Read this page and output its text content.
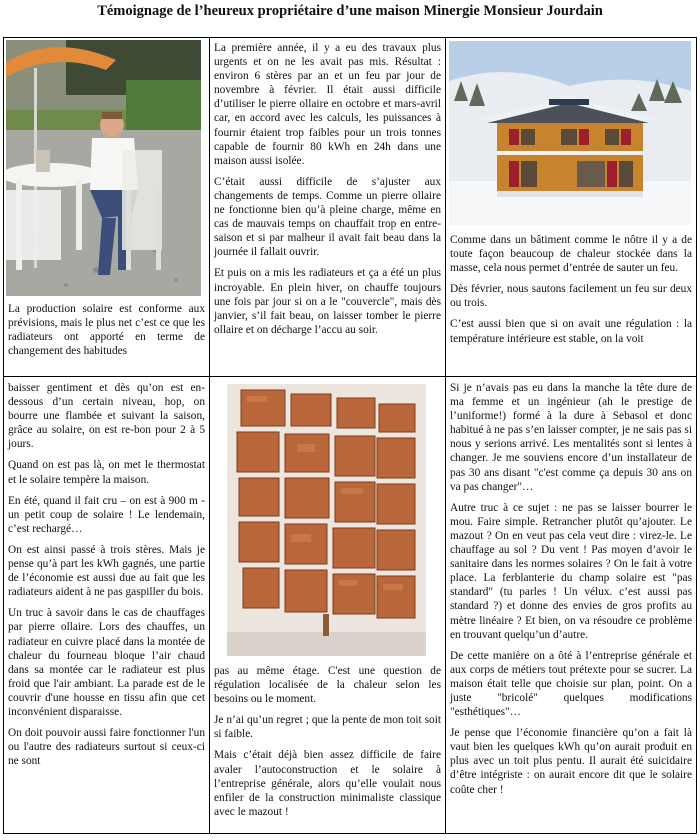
Témoignage de l’heureux propriétaire d’une maison Minergie Monsieur Jourdain

La production solaire est conforme aux prévisions, mais le plus net c’est ce que les radiateurs ont apporté en terme de changement des habitudes

La première année, il y a eu des travaux plus urgents et on ne les avait pas mis. Résultat : environ 6 stères par an et un feu par jour de novembre à février. Il était aussi difficile d’utiliser le pierre ollaire en octobre et mars-avril car, en accord avec les calculs, les puissances à fournir étaient trop faibles pour un trois tonnes capable de fournir 80 kWh en 24h dans une maison aussi isolée.

C’était aussi difficile de s’ajuster aux changements de temps. Comme un pierre ollaire ne fonctionne bien qu’à pleine charge, même en cas de mauvais temps on chauffait trop en entre-saison et si par malheur il avait fait beau dans la journée il fallait ouvrir.

Et puis on a mis les radiateurs et ça a été un plus incroyable. En plein hiver, on chauffe toujours une fois par jour si on a le "couvercle", mais dès janvier, s’il fait beau, on laisser tomber le pierre ollaire et on décharge l’accu au soir.

Comme dans un bâtiment comme le nôtre il y a de toute façon beaucoup de chaleur stockée dans la masse, cela nous permet d’entrée de sauter un feu.

Dès février, nous sautons facilement un feu sur deux ou trois.

C’est aussi bien que si on avait une régulation : la température intérieure est stable, on la voit

baisser gentiment et dès qu’on est en-dessous d’un certain niveau, hop, on bourre une flambée et suivant la saison, grâce au solaire, on est re-bon pour 2 à 5 jours.

Quand on est pas là, on met le thermostat et le solaire tempère la maison.

En été, quand il fait cru – on est à 900 m - un petit coup de solaire ! Le lendemain, c’est rechargé…

On est ainsi passé à trois stères. Mais je pense qu’à part les kWh gagnés, une partie de l’économie est aussi due au fait que les radiateurs aident à ne pas gaspiller du bois.

Un truc à savoir dans le cas de chauffages par pierre ollaire. Lors des chauffes, un radiateur en cuivre placé dans la montée de chaleur du fourneau bloque l’air chaud dans sa montée car le radiateur est plus froid que l'air ambiant. La parade est de le couvrir d'une housse en tissu afin que cet inconvénient disparaisse.

On doit pouvoir aussi faire fonctionner l'un ou l'autre des radiateurs surtout si ceux-ci ne sont

pas au même étage. C'est une question de régulation localisée de la chaleur selon les besoins ou le moment.

Je n’ai qu’un regret ; que la pente de mon toit soit si faible.

Mais c’était déjà bien assez difficile de faire avaler l’autoconstruction et le solaire à l’entreprise générale, alors qu’elle voulait nous enfiler de la construction minimaliste classique avec le mazout !

Si je n’avais pas eu dans la manche la tête dure de ma femme et un ingénieur (ah le prestige de l’uniforme!) formé à la dure à Sebasol et donc habitué à ne pas s’en laisser compter, je ne sais pas si nous y serions arrivé. Les mentalités sont si lentes à changer. Je me souviens encore d’un installateur de pas 30 ans disant "c'est comme ça depuis 30 ans on va pas changer"…

Autre truc à ce sujet : ne pas se laisser bourrer le mou. Faire simple. Retrancher plutôt qu’ajouter. Le mazout ? On en veut pas cela veut dire : virez-le. Le chauffage au sol ? Du vent ! Pas moyen d’avoir le sanitaire dans les normes solaires ? On le fait à votre place. La ferblanterie du champ solaire est "pas standard" (tu parles ! Un vélux. c’est aussi pas standard ?) et donne des envies de gros profits au mètre linéaire ? Et bien, on va résoudre ce problème en trouvant quelqu’un d’autre.

De cette manière on a ôté à l’entreprise générale et aux corps de métiers tout prétexte pour se sucrer. La maison était telle que choisie sur plan, point. On a juste "bricolé" quelques modifications "esthétiques"…

Je pense que l’économie financière qu’on a fait là vaut bien les quelques kWh qu’on aurait produit en plus avec un toit plus pentu. Il aurait été suicidaire d’être intégriste : on aurait encore dit que le solaire coûte cher !
